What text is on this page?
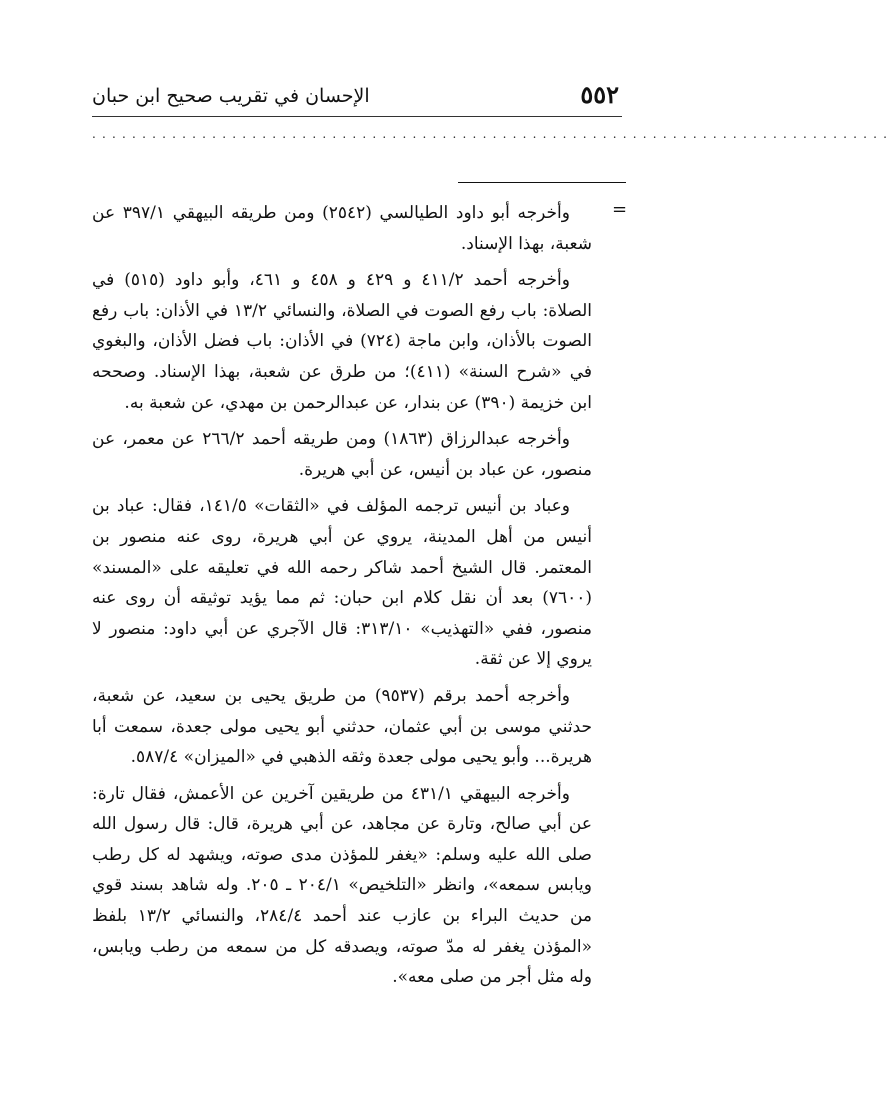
٥٥٢
الإحسان في تقريب صحيح ابن حبان
................................................................................
=

وأخرجه أبو داود الطيالسي (٢٥٤٢) ومن طريقه البيهقي ٣٩٧/١ عن شعبة، بهذا الإسناد.

وأخرجه أحمد ٤١١/٢ و ٤٢٩ و ٤٥٨ و ٤٦١، وأبو داود (٥١٥) في الصلاة: باب رفع الصوت في الصلاة، والنسائي ١٣/٢ في الأذان: باب رفع الصوت بالأذان، وابن ماجة (٧٢٤) في الأذان: باب فضل الأذان، والبغوي في «شرح السنة» (٤١١)؛ من طرق عن شعبة، بهذا الإسناد. وصححه ابن خزيمة (٣٩٠) عن بندار، عن عبدالرحمن بن مهدي، عن شعبة به.

وأخرجه عبدالرزاق (١٨٦٣) ومن طريقه أحمد ٢٦٦/٢ عن معمر، عن منصور، عن عباد بن أنيس، عن أبي هريرة.

وعباد بن أنيس ترجمه المؤلف في «الثقات» ١٤١/٥، فقال: عباد بن أنيس من أهل المدينة، يروي عن أبي هريرة، روى عنه منصور بن المعتمر. قال الشيخ أحمد شاكر رحمه الله في تعليقه على «المسند» (٧٦٠٠) بعد أن نقل كلام ابن حبان: ثم مما يؤيد توثيقه أن روى عنه منصور، ففي «التهذيب» ٣١٣/١٠: قال الآجري عن أبي داود: منصور لا يروي إلا عن ثقة.

وأخرجه أحمد برقم (٩٥٣٧) من طريق يحيى بن سعيد، عن شعبة، حدثني موسى بن أبي عثمان، حدثني أبو يحيى مولى جعدة، سمعت أبا هريرة... وأبو يحيى مولى جعدة وثقه الذهبي في «الميزان» ٥٨٧/٤.

وأخرجه البيهقي ٤٣١/١ من طريقين آخرين عن الأعمش، فقال تارة: عن أبي صالح، وتارة عن مجاهد، عن أبي هريرة، قال: قال رسول الله صلى الله عليه وسلم: «يغفر للمؤذن مدى صوته، ويشهد له كل رطب ويابس سمعه»، وانظر «التلخيص» ٢٠٤/١ ـ ٢٠٥. وله شاهد بسند قوي من حديث البراء بن عازب عند أحمد ٢٨٤/٤، والنسائي ١٣/٢ بلفظ «المؤذن يغفر له مدّ صوته، ويصدقه كل من سمعه من رطب ويابس، وله مثل أجر من صلى معه».
